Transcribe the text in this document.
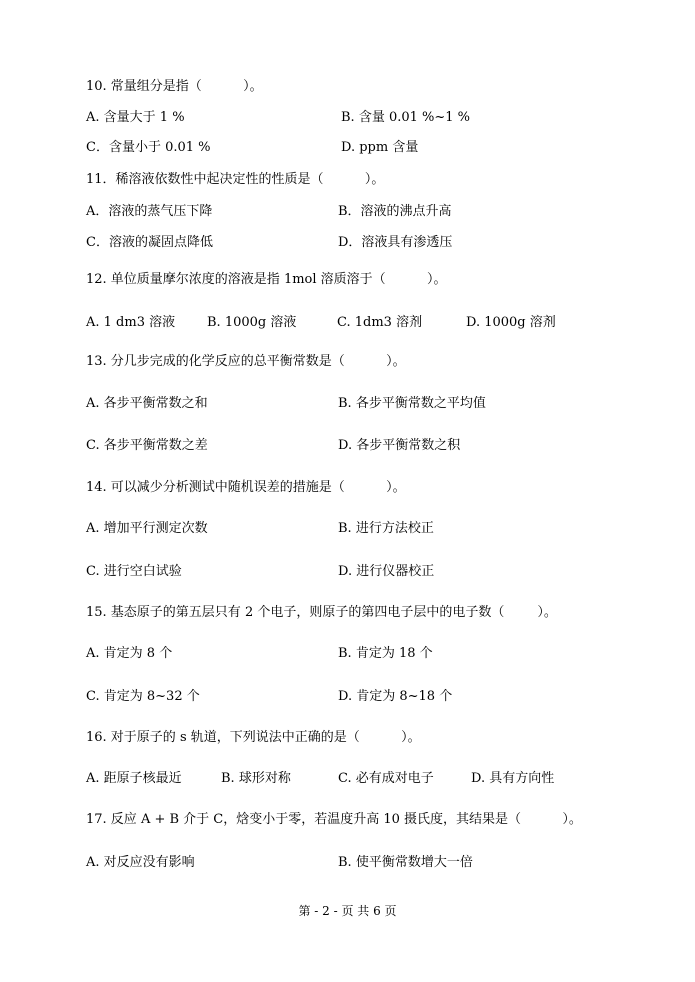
10. 常量组分是指（          ）。
A. 含量大于 1 %	B. 含量 0.01 %~1 %
C．含量小于 0.01 %	D. ppm 含量
11．稀溶液依数性中起决定性的性质是（          ）。
A．溶液的蒸气压下降	B．溶液的沸点升高
C．溶液的凝固点降低	D．溶液具有渗透压
12. 单位质量摩尔浓度的溶液是指 1mol 溶质溶于（          ）。
A. 1 dm3 溶液 B. 1000g 溶液	C. 1dm3 溶剂	D. 1000g 溶剂
13. 分几步完成的化学反应的总平衡常数是（          ）。
A. 各步平衡常数之和	B. 各步平衡常数之平均值
C. 各步平衡常数之差	D. 各步平衡常数之积
14. 可以减少分析测试中随机误差的措施是（          ）。
A. 增加平行测定次数	B. 进行方法校正
C. 进行空白试验	D. 进行仪器校正
15. 基态原子的第五层只有 2 个电子，则原子的第四电子层中的电子数（        ）。
A. 肯定为 8 个	B. 肯定为 18 个
C. 肯定为 8~32 个	D. 肯定为 8~18 个
16. 对于原子的 s 轨道，下列说法中正确的是（          ）。
A. 距原子核最近	B. 球形对称	C. 必有成对电子	D. 具有方向性
17. 反应 A + B 介于 C，焓变小于零，若温度升高 10 摄氏度，其结果是（          ）。
A. 对反应没有影响	B. 使平衡常数增大一倍
第 - 2 - 页 共 6 页
